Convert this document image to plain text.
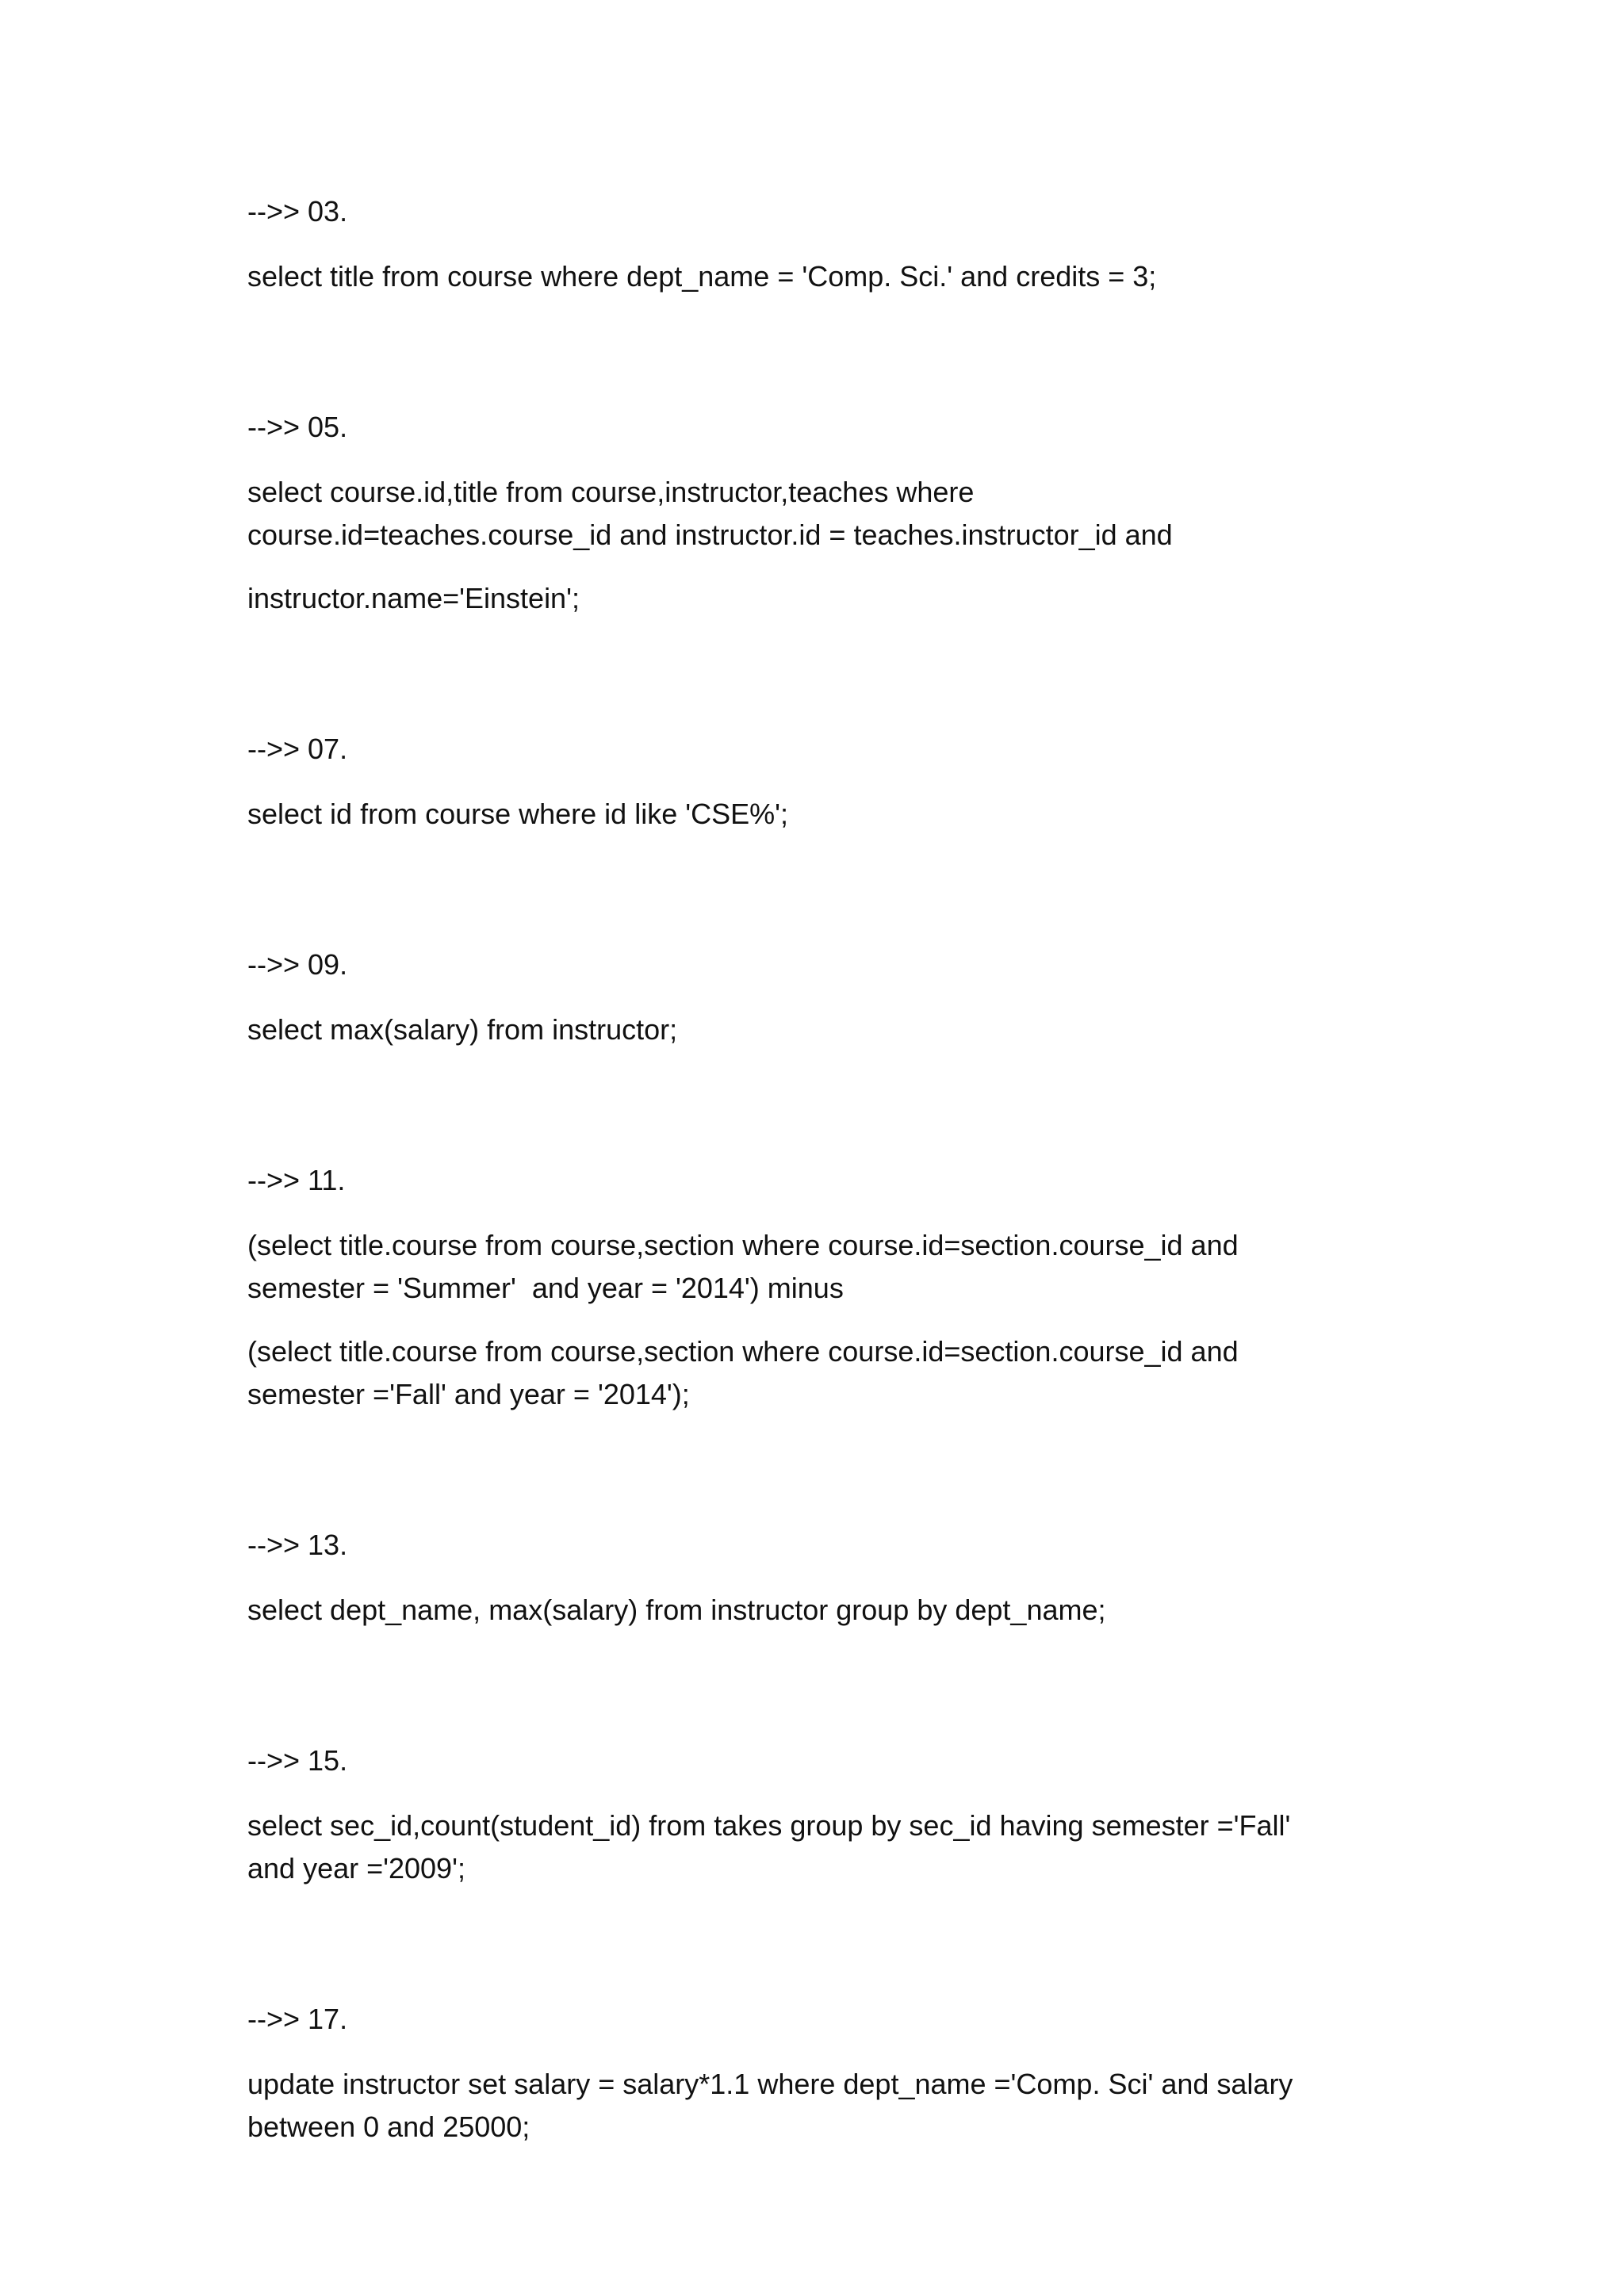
-->> 03.
select title from course where dept_name = 'Comp. Sci.' and credits = 3;
-->> 05.
select course.id,title from course,instructor,teaches where
course.id=teaches.course_id and instructor.id = teaches.instructor_id and
instructor.name='Einstein';
-->> 07.
select id from course where id like 'CSE%';
-->> 09.
select max(salary) from instructor;
-->> 11.
(select title.course from course,section where course.id=section.course_id and
semester = 'Summer'  and year = '2014') minus
(select title.course from course,section where course.id=section.course_id and
semester ='Fall' and year = '2014');
-->> 13.
select dept_name, max(salary) from instructor group by dept_name;
-->> 15.
select sec_id,count(student_id) from takes group by sec_id having semester ='Fall'
and year ='2009';
-->> 17.
update instructor set salary = salary*1.1 where dept_name ='Comp. Sci' and salary
between 0 and 25000;
